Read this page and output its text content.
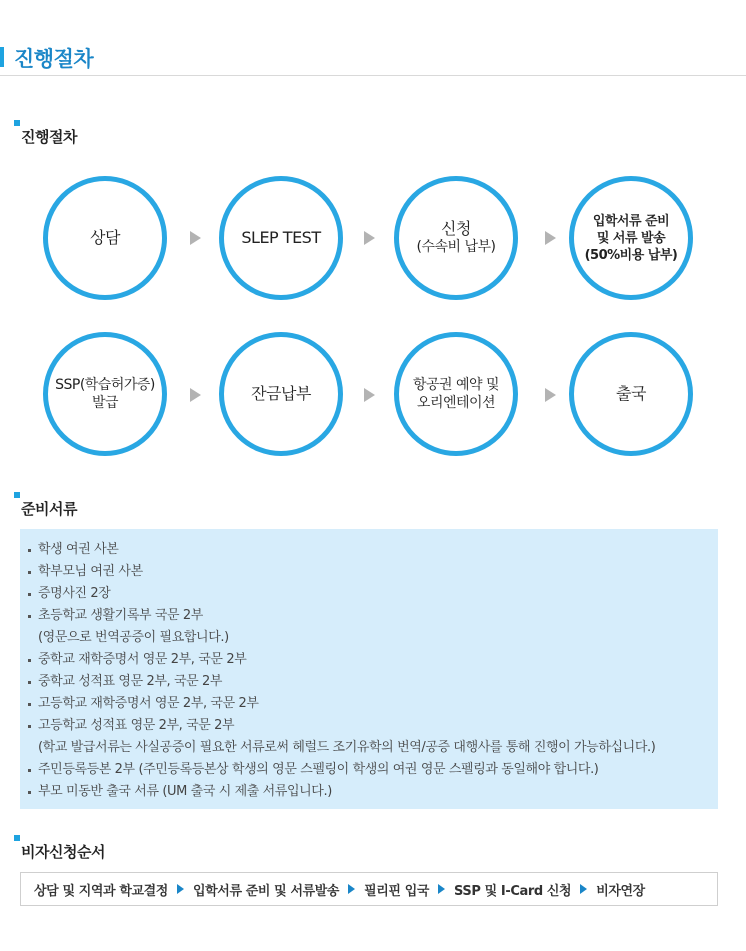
진행절차
진행절차
상담	SLEP TEST	신청
(수속비 납부)
입학서류 준비
및 서류 발송
(50%비용 납부)
SSP(학습허가증)
발급	잔금납부	항공권 예약 및
오리엔테이션	출국
준비서류
학생 여권 사본
학부모님 여권 사본
증명사진 2장
초등학교 생활기록부 국문 2부
(영문으로 번역공증이 필요합니다.)
중학교 재학증명서 영문 2부, 국문 2부
중학교 성적표 영문 2부, 국문 2부
고등학교 재학증명서 영문 2부, 국문 2부
고등학교 성적표 영문 2부, 국문 2부
(학교 발급서류는 사실공증이 필요한 서류로써 헤럴드 조기유학의 번역/공증 대행사를 통해 진행이 가능하십니다.)
주민등록등본 2부 (주민등록등본상 학생의 영문 스펠링이 학생의 여권 영문 스펠링과 동일해야 합니다.)
부모 미동반 출국 서류 (UM 출국 시 제출 서류입니다.)
비자신청순서
상담 및 지역과 학교결정 입학서류 준비 및 서류발송 필리핀 입국 SSP 및 I-Card 신청 비자연장
